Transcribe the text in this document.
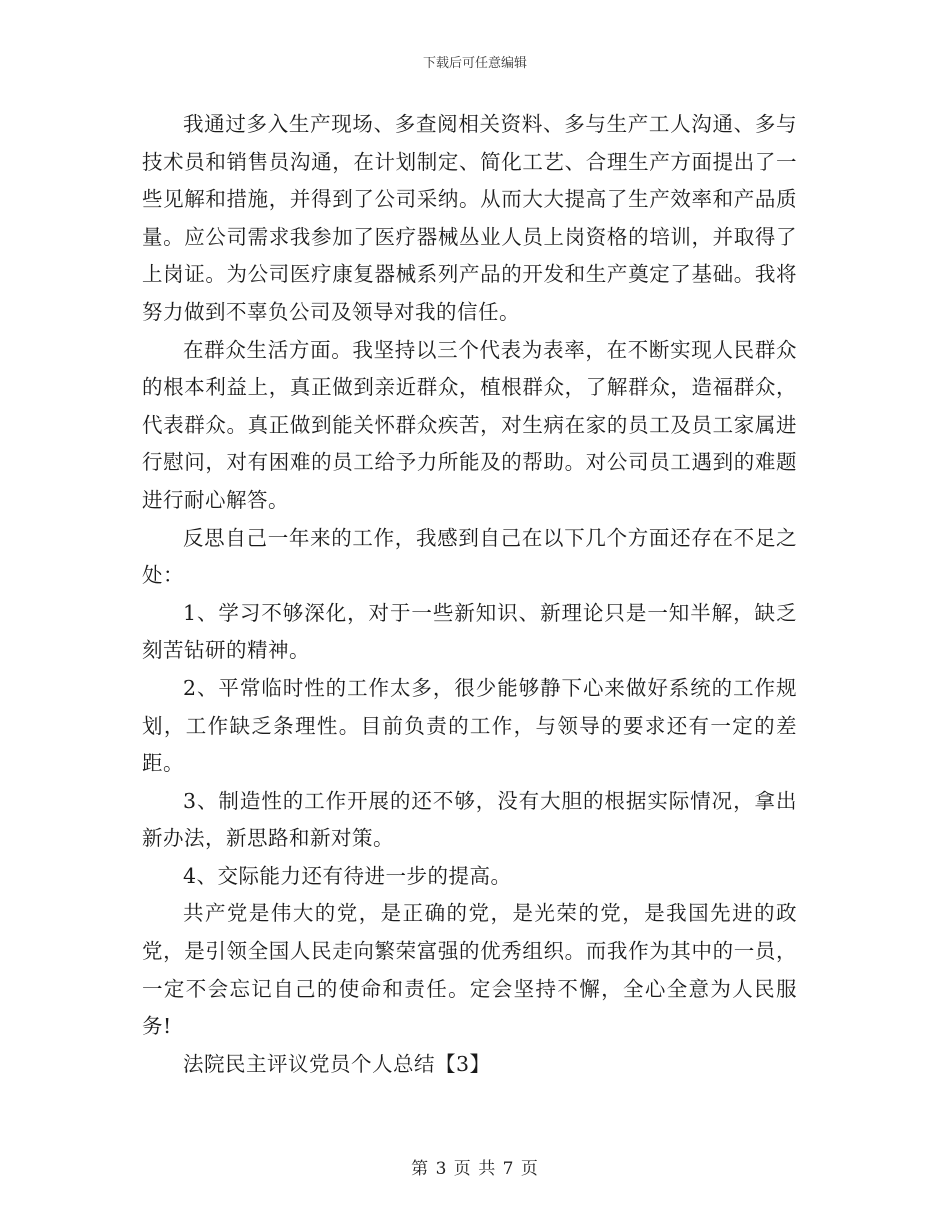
下载后可任意编辑

我通过多入生产现场、多查阅相关资料、多与生产工人沟通、多与技术员和销售员沟通，在计划制定、简化工艺、合理生产方面提出了一些见解和措施，并得到了公司采纳。从而大大提高了生产效率和产品质量。应公司需求我参加了医疗器械丛业人员上岗资格的培训，并取得了上岗证。为公司医疗康复器械系列产品的开发和生产奠定了基础。我将努力做到不辜负公司及领导对我的信任。

在群众生活方面。我坚持以三个代表为表率，在不断实现人民群众的根本利益上，真正做到亲近群众，植根群众，了解群众，造福群众，代表群众。真正做到能关怀群众疾苦，对生病在家的员工及员工家属进行慰问，对有困难的员工给予力所能及的帮助。对公司员工遇到的难题进行耐心解答。

反思自己一年来的工作，我感到自己在以下几个方面还存在不足之处：

1、学习不够深化，对于一些新知识、新理论只是一知半解，缺乏刻苦钻研的精神。

2、平常临时性的工作太多，很少能够静下心来做好系统的工作规划，工作缺乏条理性。目前负责的工作，与领导的要求还有一定的差距。

3、制造性的工作开展的还不够，没有大胆的根据实际情况，拿出新办法，新思路和新对策。

4、交际能力还有待进一步的提高。

共产党是伟大的党，是正确的党，是光荣的党，是我国先进的政党，是引领全国人民走向繁荣富强的优秀组织。而我作为其中的一员，一定不会忘记自己的使命和责任。定会坚持不懈，全心全意为人民服务!

法院民主评议党员个人总结【3】

第 3 页 共 7 页
